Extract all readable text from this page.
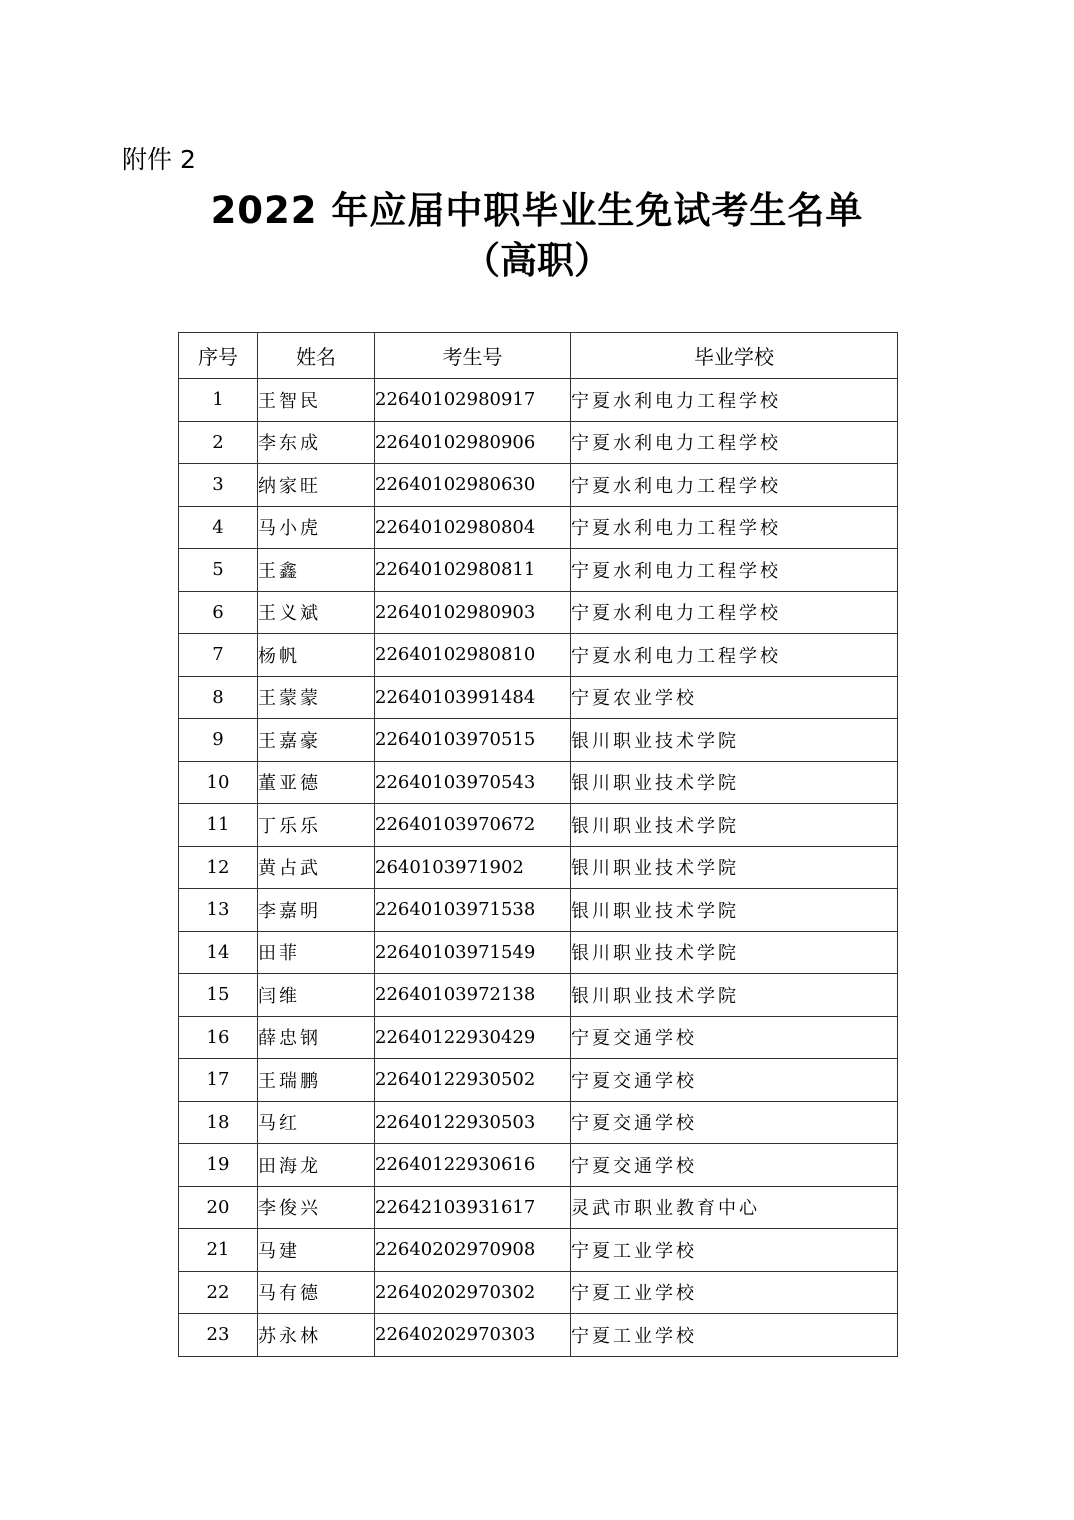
附件 2
2022 年应届中职毕业生免试考生名单
（高职）
序号	姓名	考生号	毕业学校
1	王智民	22640102980917	宁夏水利电力工程学校
2	李东成	22640102980906	宁夏水利电力工程学校
3	纳家旺	22640102980630	宁夏水利电力工程学校
4	马小虎	22640102980804	宁夏水利电力工程学校
5	王鑫	22640102980811	宁夏水利电力工程学校
6	王义斌	22640102980903	宁夏水利电力工程学校
7	杨帆	22640102980810	宁夏水利电力工程学校
8	王蒙蒙	22640103991484	宁夏农业学校
9	王嘉豪	22640103970515	银川职业技术学院
10	董亚德	22640103970543	银川职业技术学院
11	丁乐乐	22640103970672	银川职业技术学院
12	黄占武	2640103971902	银川职业技术学院
13	李嘉明	22640103971538	银川职业技术学院
14	田菲	22640103971549	银川职业技术学院
15	闫维	22640103972138	银川职业技术学院
16	薛忠钢	22640122930429	宁夏交通学校
17	王瑞鹏	22640122930502	宁夏交通学校
18	马红	22640122930503	宁夏交通学校
19	田海龙	22640122930616	宁夏交通学校
20	李俊兴	22642103931617	灵武市职业教育中心
21	马建	22640202970908	宁夏工业学校
22	马有德	22640202970302	宁夏工业学校
23	苏永林	22640202970303	宁夏工业学校
